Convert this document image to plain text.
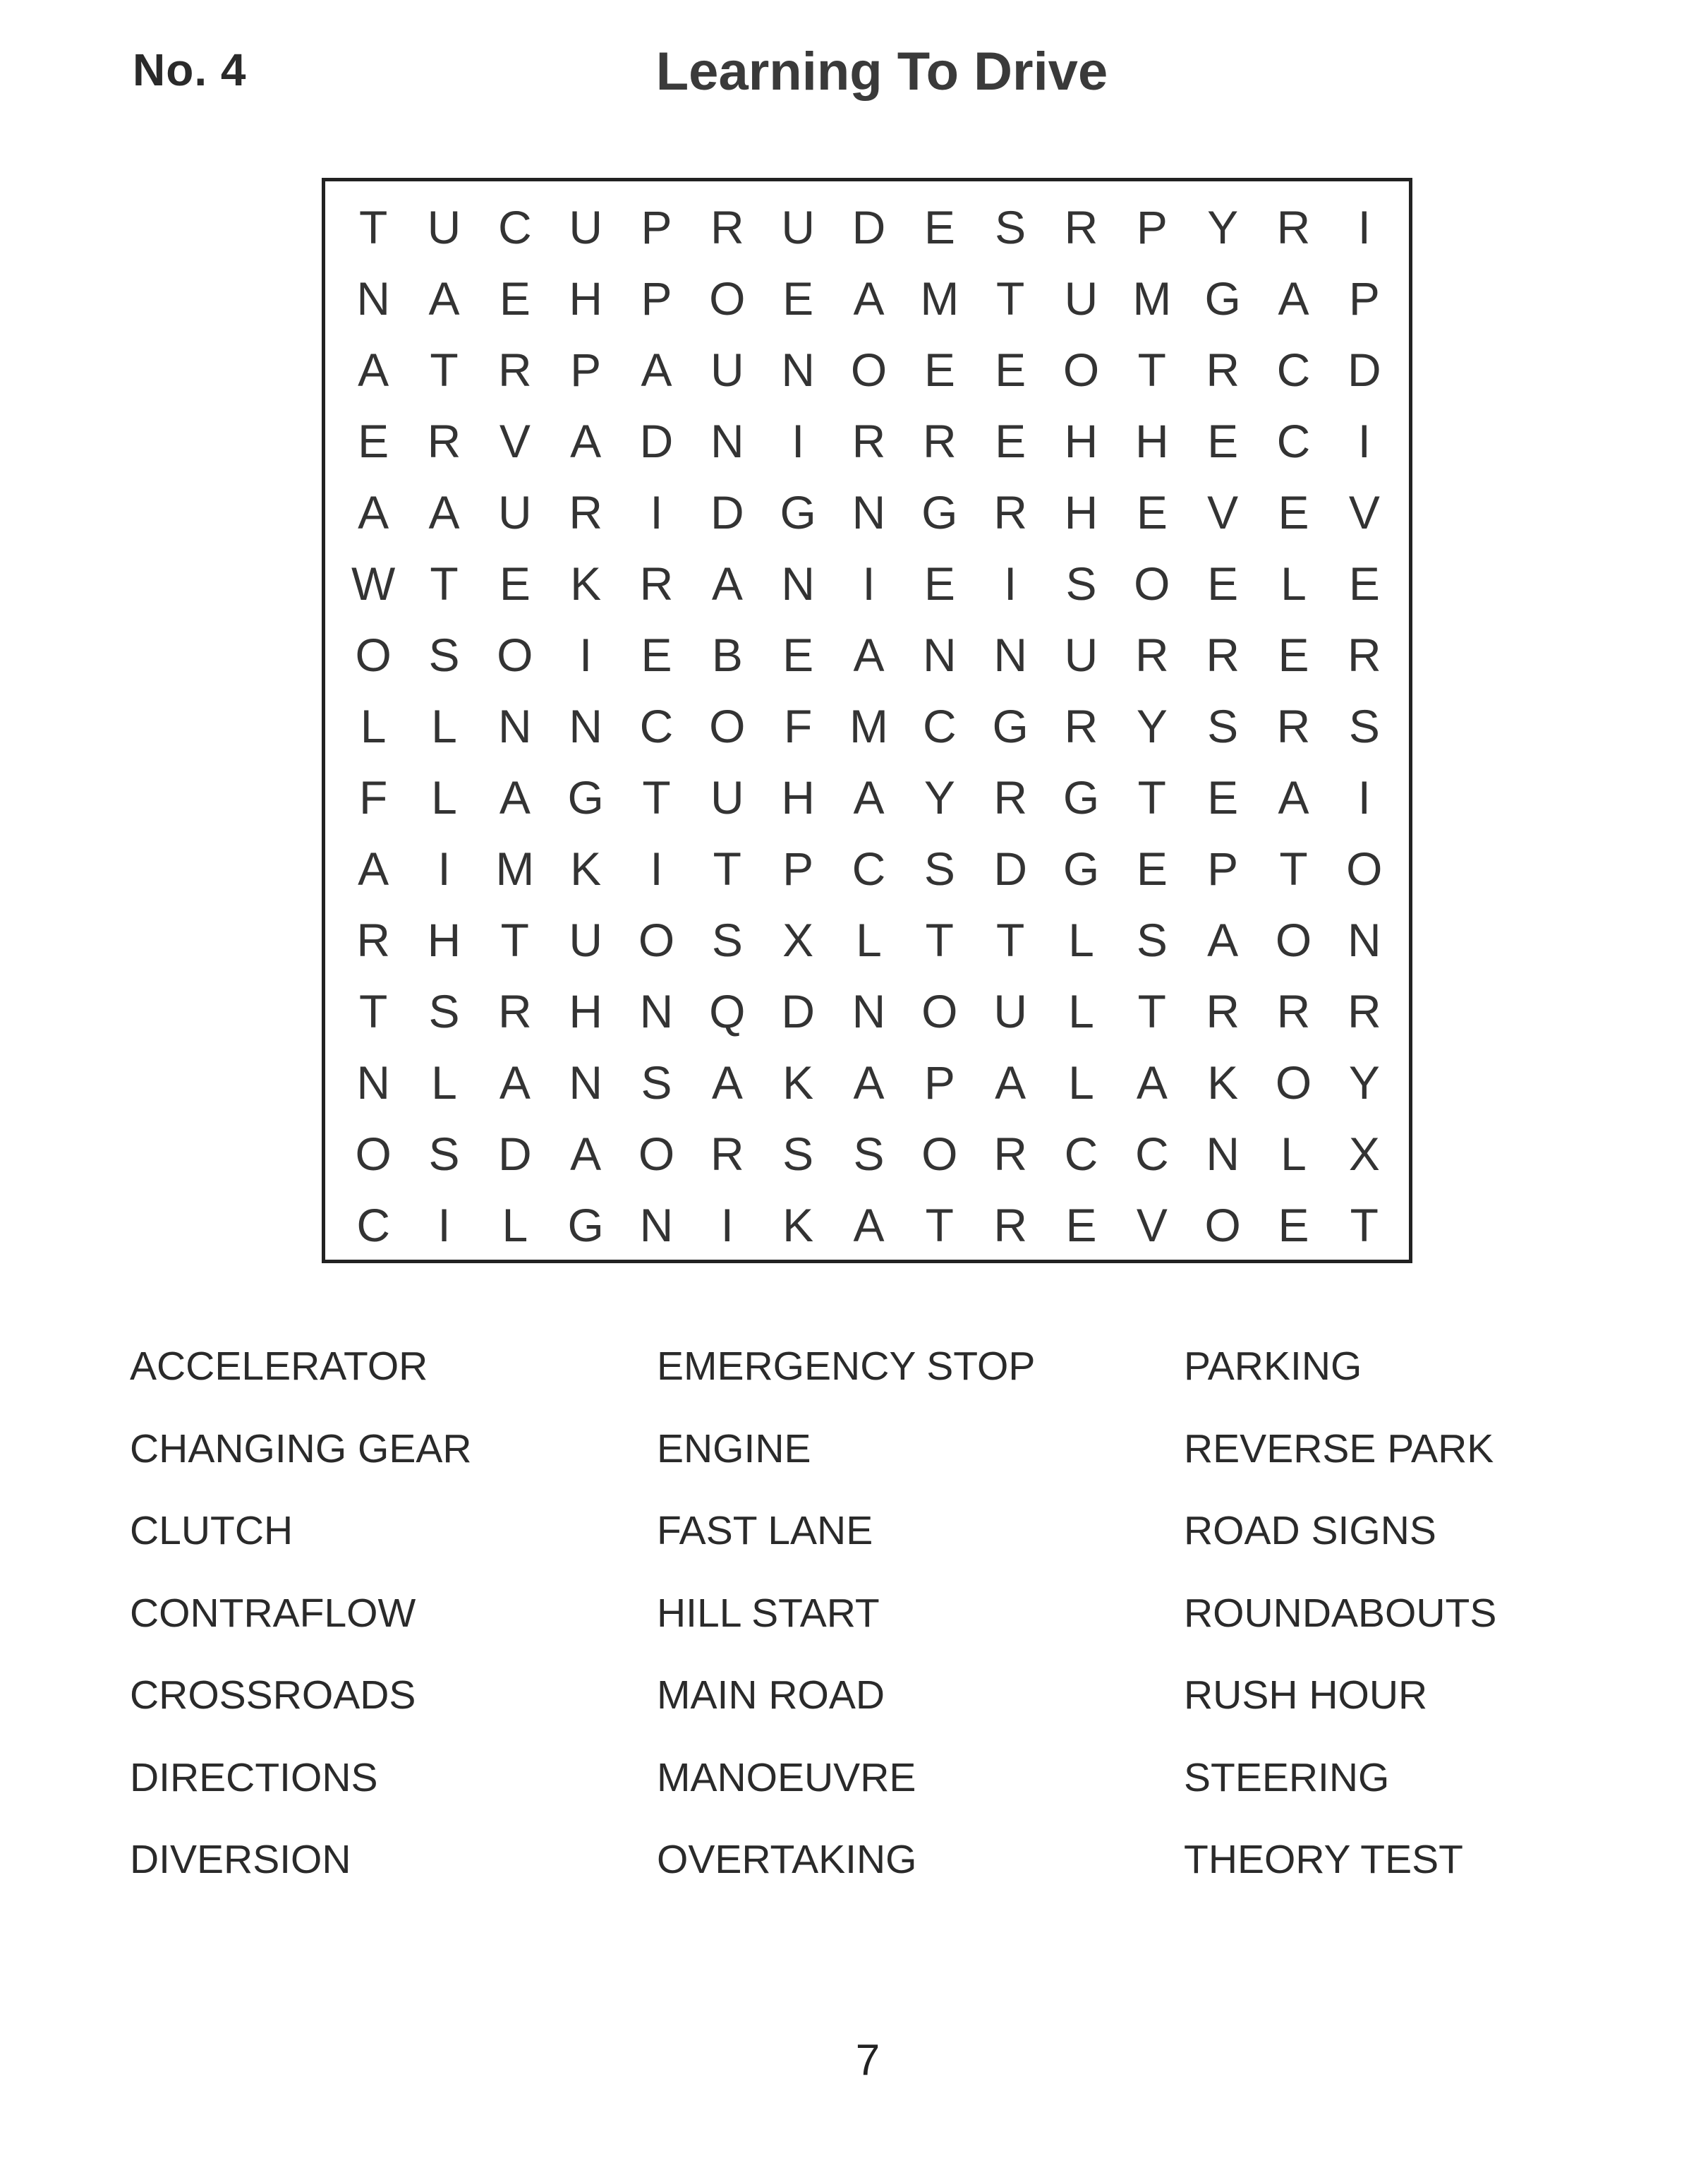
No. 4	Learning To Drive
T U C U P R U D E S R P Y R	I
N A E H P O E A M T U M G A P
A T R P A U N O E E O T R C D
E R V A D N	I	R R E H H E C	I
A A U R	I	D G N G R H E V E V
W T E K R A N	I	E	I	S O E L E
O S O I	E B E A N N U R R E R
L L N N C O F M C G R Y S R S
F L A G T U H A Y R G T E A	I
A	I M K	I	T P C S D G E P T O
R H T U O S X L T T L S A O N
T S R H N Q D N O U L T R R R
N L A N S A K A P A L A K O Y
O S D A O R S S O R C C N L X
C	I	L G N	I	K A T R E V O E T
ACCELERATOR	EMERGENCY STOP	PARKING
CHANGING GEAR	ENGINE	REVERSE PARK
CLUTCH	FAST LANE	ROAD SIGNS
CONTRAFLOW	HILL START	ROUNDABOUTS
CROSSROADS	MAIN ROAD	RUSH HOUR
DIRECTIONS	MANOEUVRE	STEERING
DIVERSION	OVERTAKING	THEORY TEST
7
